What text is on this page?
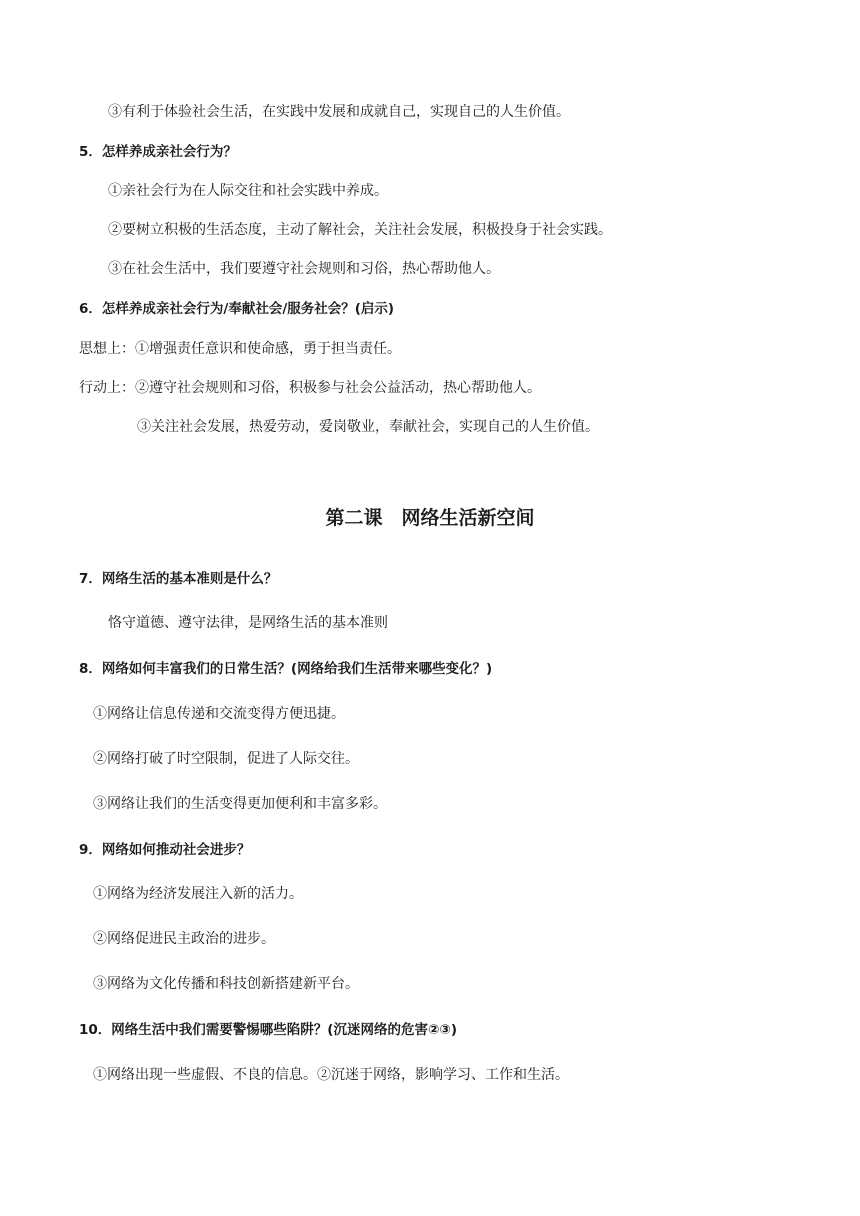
③有利于体验社会生活，在实践中发展和成就自己，实现自己的人生价值。
5．怎样养成亲社会行为？
①亲社会行为在人际交往和社会实践中养成。
②要树立积极的生活态度，主动了解社会，关注社会发展，积极投身于社会实践。
③在社会生活中，我们要遵守社会规则和习俗，热心帮助他人。
6．怎样养成亲社会行为/奉献社会/服务社会？(启示)
思想上：①增强责任意识和使命感，勇于担当责任。
行动上：②遵守社会规则和习俗，积极参与社会公益活动，热心帮助他人。
③关注社会发展，热爱劳动，爱岗敬业，奉献社会，实现自己的人生价值。
第二课　网络生活新空间
7．网络生活的基本准则是什么？
恪守道德、遵守法律，是网络生活的基本准则
8．网络如何丰富我们的日常生活？(网络给我们生活带来哪些变化？)
①网络让信息传递和交流变得方便迅捷。
②网络打破了时空限制，促进了人际交往。
③网络让我们的生活变得更加便利和丰富多彩。
9．网络如何推动社会进步？
①网络为经济发展注入新的活力。
②网络促进民主政治的进步。
③网络为文化传播和科技创新搭建新平台。
10．网络生活中我们需要警惕哪些陷阱？(沉迷网络的危害②③)
①网络出现一些虚假、不良的信息。②沉迷于网络，影响学习、工作和生活。
